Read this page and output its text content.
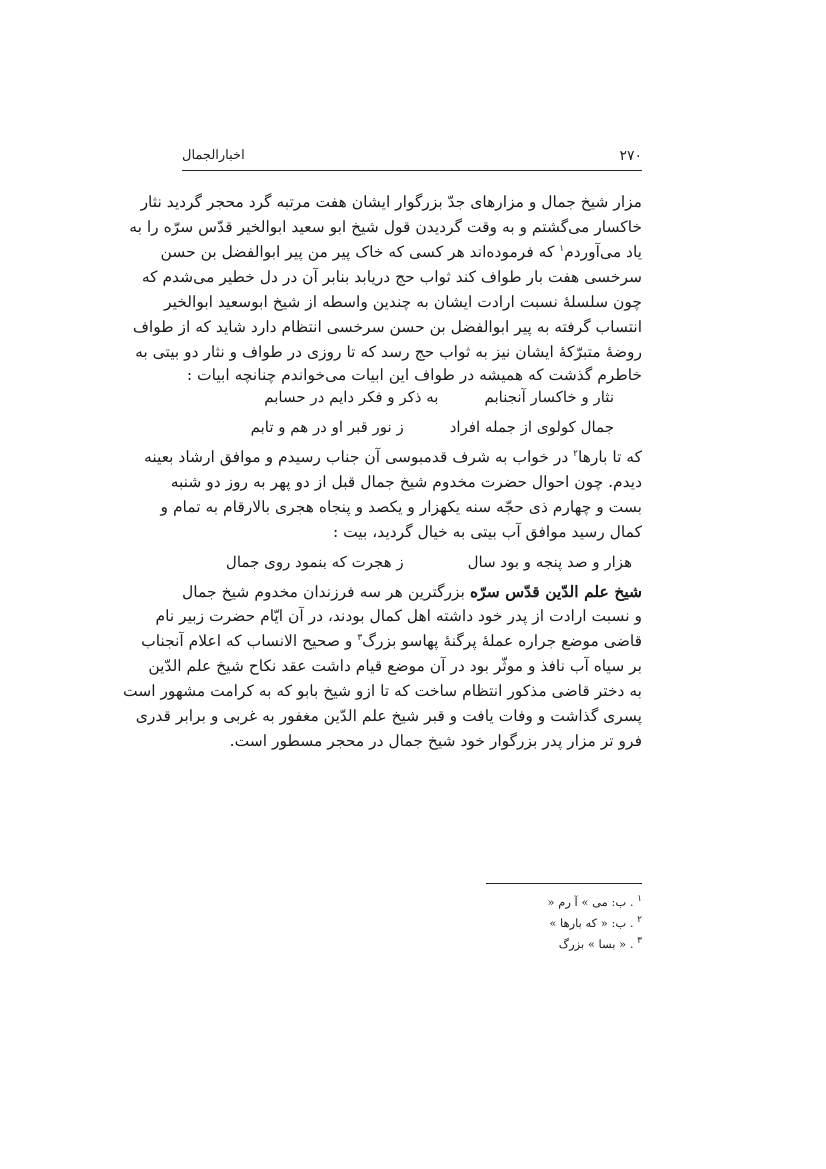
۲۷۰
اخبارالجمال
مزار شیخ جمال و مزارهای جدّ بزرگوار ایشان هفت مرتبه گرد محجر گردید نثار
خاکسار می‌گشتم و به وقت گردیدن قول شیخ ابو سعید ابوالخیر قدّس سرّه را به
یاد می‌آوردم$^۱$ که فرموده‌اند هر کسی که خاک پیر من پیر ابوالفضل بن حسن
سرخسی هفت بار طواف کند ثواب حج دریابد بنابر آن در دل خطیر می‌شدم که
چون سلسلهٔ نسبت ارادت ایشان به چندین واسطه از شیخ ابوسعید ابوالخیر
انتساب گرفته به پیر ابوالفضل بن حسن سرخسی انتظام دارد شاید که از طواف
روضهٔ متبرّکهٔ ایشان نیز به ثواب حج رسد که تا روزی در طواف و نثار دو بیتی به
خاطرم گذشت که همیشه در طواف این ابیات می‌خواندم چنانچه ابیات :
نثار و خاکسار آنجنابم
به ذکر و فکر دایم در حسابم
جمال کولوی از جمله افراد
ز نور قبر او در هم و تابم
که تا بارها$^۲$ در خواب به شرف قدمبوسی آن جناب رسیدم و موافق ارشاد بعینه
دیدم. چون احوال حضرت مخدوم شیخ جمال قبل از دو پهر به روز دو شنبه
بست و چهارم ذی حجّه سنه یکهزار و یکصد و پنجاه هجری بالارقام به تمام و
کمال رسید موافق آب بیتی به خیال گردید، بیت :
هزار و صد پنجه و بود سال
ز هجرت که بنمود روی جمال
شیخ علم الدّین قدّس سرّه بزرگترین هر سه فرزندان مخدوم شیخ جمال
و نسبت ارادت از پدر خود داشته اهل کمال بودند، در آن ایّام حضرت زبیر نام
قاضی موضع جراره عملهٔ پرگنهٔ پهاسو بزرگ$^۳$ و صحیح الانساب که اعلام آنجناب
بر سیاه آب نافذ و موثّر بود در آن موضع قیام داشت عقد نکاح شیخ علم الدّین
به دختر قاضی مذکور انتظام ساخت که تا ازو شیخ بابو که به کرامت مشهور است
پسری گذاشت و وفات یافت و قبر شیخ علم الدّین مغفور به غربی و برابر قدری
فرو تر مزار پدر بزرگوار خود شیخ جمال در محجر مسطور است.
$^۱$ . ب: می » آ رم «
$^۲$ . ب: « که بارها »
$^۳$ . « بسا » بزرگ
